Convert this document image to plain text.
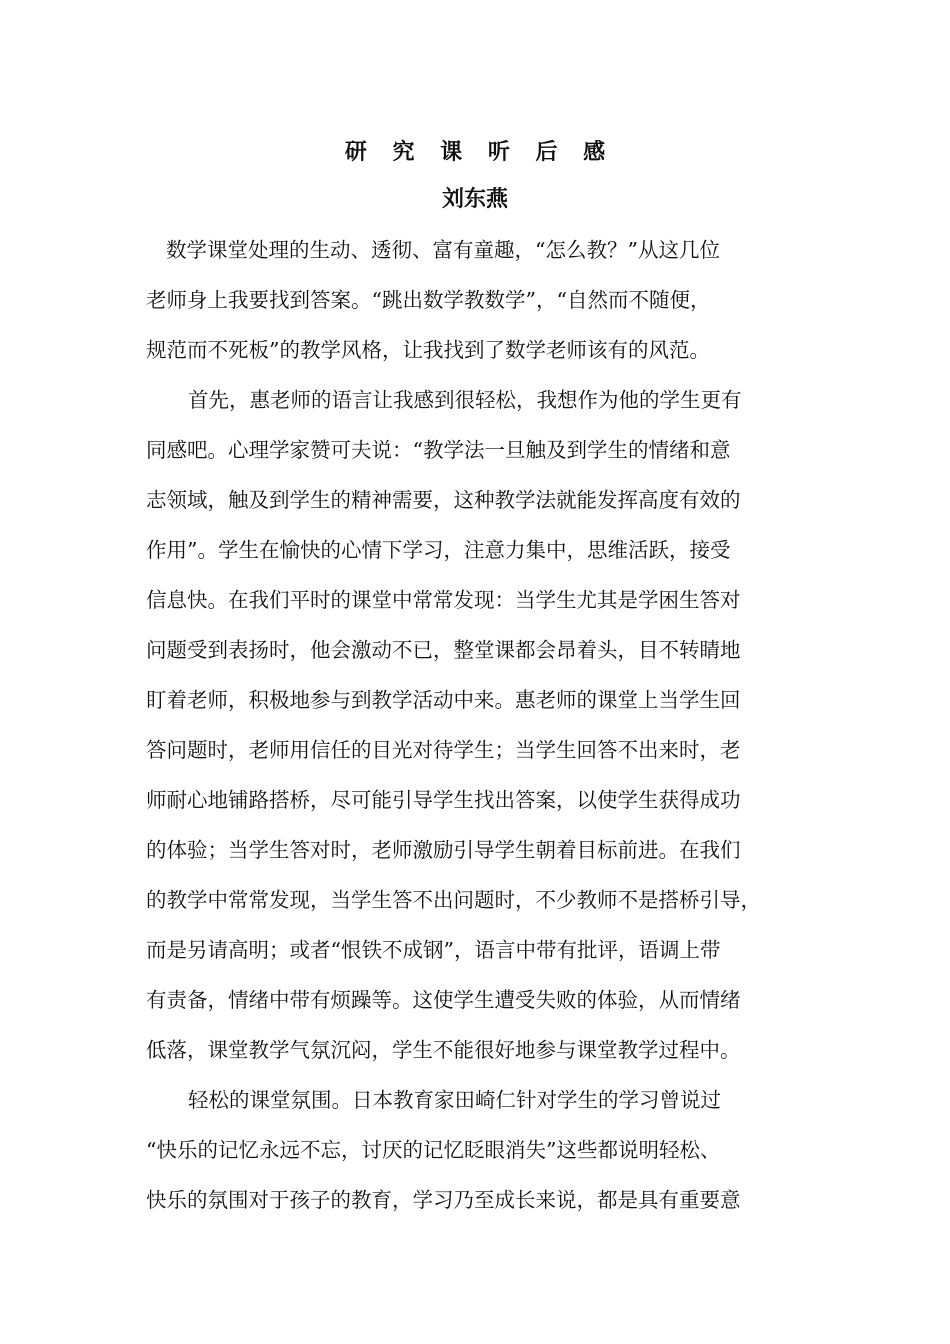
研 究 课 听 后 感
刘东燕
数学课堂处理的生动、透彻、富有童趣，“怎么教？”从这几位
老师身上我要找到答案。“跳出数学教数学”，“自然而不随便，
规范而不死板”的教学风格，让我找到了数学老师该有的风范。
首先，惠老师的语言让我感到很轻松，我想作为他的学生更有
同感吧。心理学家赞可夫说：“教学法一旦触及到学生的情绪和意
志领域，触及到学生的精神需要，这种教学法就能发挥高度有效的
作用”。学生在愉快的心情下学习，注意力集中，思维活跃，接受
信息快。在我们平时的课堂中常常发现：当学生尤其是学困生答对
问题受到表扬时，他会激动不已，整堂课都会昂着头，目不转睛地
盯着老师，积极地参与到教学活动中来。惠老师的课堂上当学生回
答问题时，老师用信任的目光对待学生；当学生回答不出来时，老
师耐心地铺路搭桥，尽可能引导学生找出答案，以使学生获得成功
的体验；当学生答对时，老师激励引导学生朝着目标前进。在我们
的教学中常常发现，当学生答不出问题时，不少教师不是搭桥引导，
而是另请高明；或者“恨铁不成钢”，语言中带有批评，语调上带
有责备，情绪中带有烦躁等。这使学生遭受失败的体验，从而情绪
低落，课堂教学气氛沉闷，学生不能很好地参与课堂教学过程中。
轻松的课堂氛围。日本教育家田崎仁针对学生的学习曾说过
“快乐的记忆永远不忘，讨厌的记忆眨眼消失”这些都说明轻松、
快乐的氛围对于孩子的教育，学习乃至成长来说，都是具有重要意
